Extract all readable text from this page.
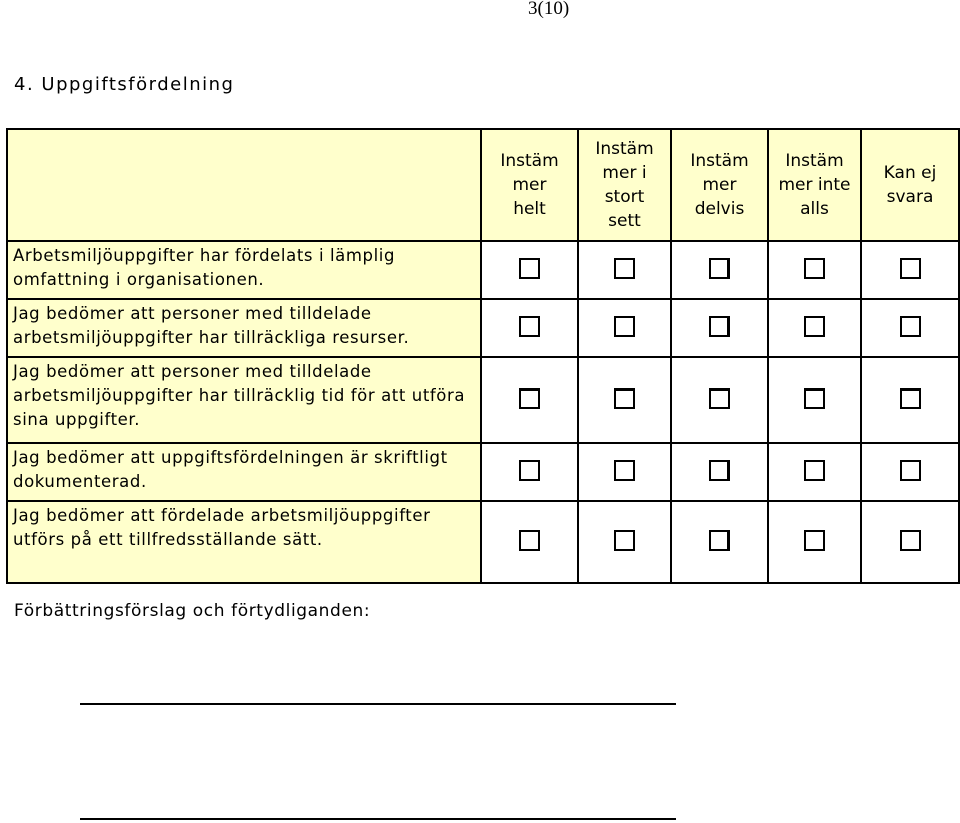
3(10)
4. Uppgiftsfördelning

	Instäm mer helt	Instäm mer i stort sett	Instäm mer delvis	Instäm mer inte alls	Kan ej svara

Arbetsmiljöuppgifter har fördelats i lämplig omfattning i organisationen.					
Jag bedömer att personer med tilldelade arbetsmiljöuppgifter har tillräckliga resurser.					
Jag bedömer att personer med tilldelade arbetsmiljöuppgifter har tillräcklig tid för att utföra sina uppgifter.					
Jag bedömer att uppgiftsfördelningen är skriftligt dokumenterad.					
Jag bedömer att fördelade arbetsmiljöuppgifter utförs på ett tillfredsställande sätt.					
Förbättringsförslag och förtydliganden:
